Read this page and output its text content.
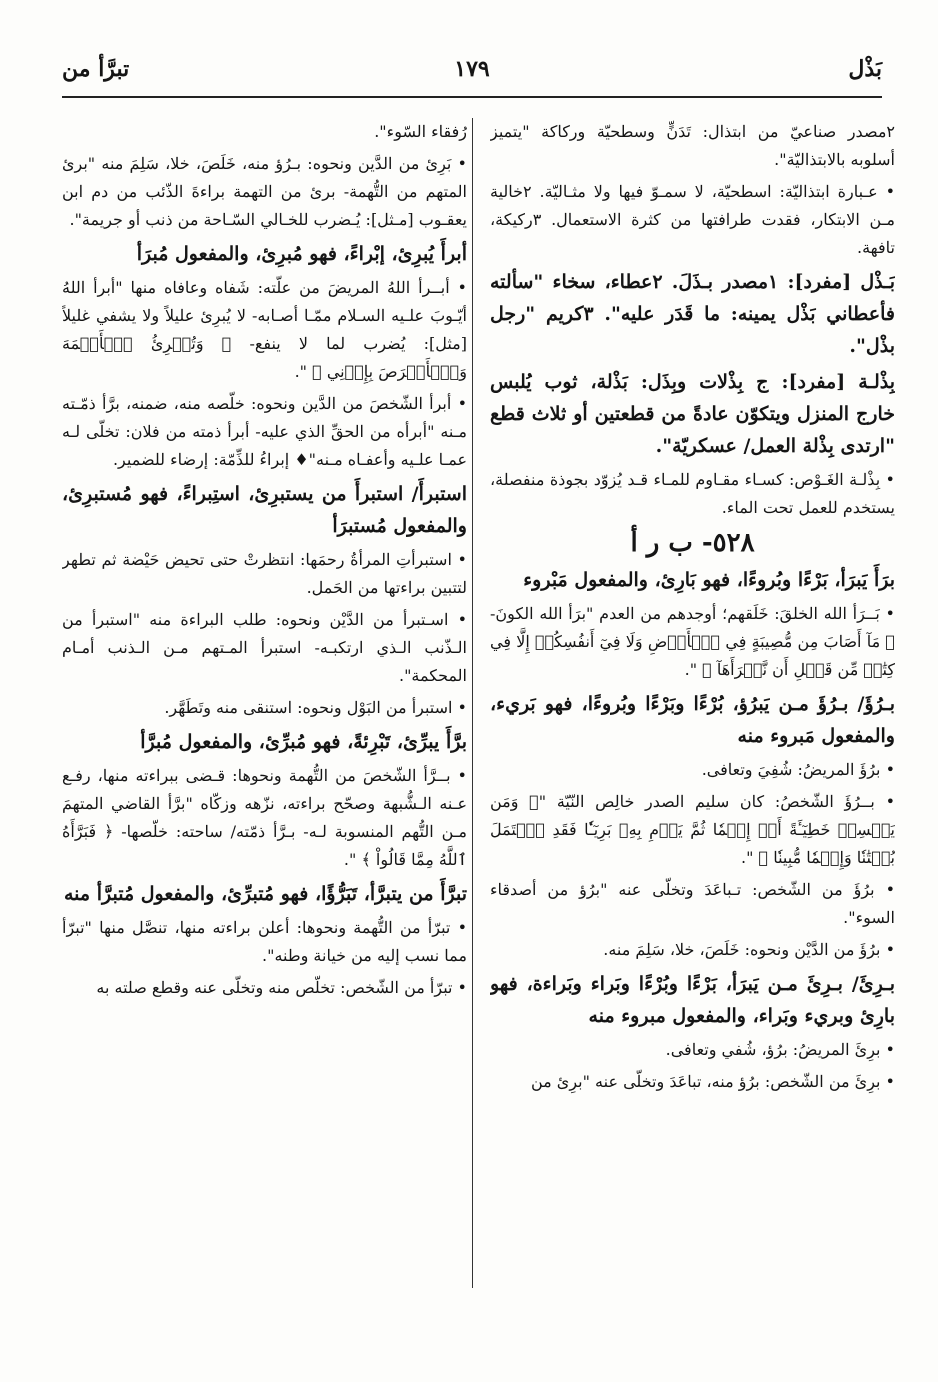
بَذْل
١٧٩
تبرَّأ من

٢مصدر صناعيّ من ابتذال: تَدَنٍّ وسطحيّة وركاكة "يتميز أسلوبه بالابتذاليّة".

• عـبارة ابتذاليّة: اسطحيّة، لا سمـوّ فيها ولا مثـاليّة. ٢خالية مـن الابتكار، فقدت طرافتها من كثرة الاستعمال. ٣ركيكة، تافهة.

بَـذْل [مفرد]: ١مصدر بـذَلَ. ٢عطاء، سخاء "سألته فأعطاني بَذْل يمينه: ما قَدَر عليه". ٣كريم "رجل بذْل".

بِذْلـة [مفرد]: ج بِذْلات وبِذَل: بَذْلة، ثوب يُلبس خارج المنزل ويتكوّن عادةً من قطعتين أو ثلاث قطع "ارتدى بِذْلة العمل/ عسكريّة".

• بِذْلـة الغَـوْص: كسـاء مقـاوم للمـاء قـد يُزوّد بجوذة منفصلة، يستخدم للعمل تحت الماء.

٥٢٨- ب ر أ

برَأَ يَبرَأ، بَرْءًا وبُروءًا، فهو بَارِئ، والمفعول مَبْروء

• بَــرَأ الله الخلقَ: خَلَقهم؛ أوجدهم من العدم "برَأ الله الكونَ- ﴿ مَآ أَصَابَ مِن مُّصِيبَةٍ فِي ٱلۡأَرۡضِ وَلَا فِيٓ أَنفُسِكُمۡ إِلَّا فِي كِتَٰبٖ مِّن قَبۡلِ أَن نَّبۡرَأَهَآ ﴾ ".

بـرُؤَ/ بـرُؤَ مـن يَبرُؤ، بُرْءًا وبَرْءًا وبُروءًا، فهو بَريء، والمفعول مَبروء منه

• برُؤَ المريضُ: شُفِيَ وتعافى.

• بــرُؤَ الشّخصُ: كان سليم الصدر خالِص النّيّة "﴿ وَمَن يَكۡسِبۡ خَطِيٓـَٔةً أَوۡ إِثۡمٗا ثُمَّ يَرۡمِ بِهِۦ بَرِيٓـٔٗا فَقَدِ ٱحۡتَمَلَ بُهۡتَٰنٗا وَإِثۡمٗا مُّبِينٗا ﴾ ".

• برُؤَ من الشّخص: تـباعَدَ وتخلّى عنه "برُؤ من أصدقاء السوء".

• برُؤَ من الدَّيْن ونحوه: خَلَصَ، خلا، سَلِمَ منه.

بـرِئَ/ بـرِئَ مـن يَبرَأ، بَرْءًا وبُرْءًا وبَراء وبَراءة، فهو بارِئ وبريء وبَراء، والمفعول مبروء منه

• برِئَ المريضُ: برُؤ، شُفي وتعافى.

• برِئَ من الشّخص: برُؤ منه، تباعَدَ وتخلّى عنه "برِئ من

رُفقاء السّوء".

• بَرِئ من الدَّين ونحوه: بـرُؤ منه، خَلَصَ، خلا، سَلِمَ منه "برئ المتهم من التُّهمة- برئ من التهمة براءةَ الذّئب من دم ابن يعقـوب [مـثل]: يُـضرب للخـالي السّـاحة من ذنب أو جريمة".

أبرأَ يُبرِئ، إبْراءً، فهو مُبرِئ، والمفعول مُبرَأ

• أبــرأ اللهُ المريضَ من علّته: شَفاه وعافاه منها "أبرأ اللهُ أيّـوبَ علـيه السـلام ممّـا أصـابه- لا يُبرِئ عليلاً ولا يشفي غليلاً [مثل]: يُضرب لما لا ينفع- ﴿ وَتُبۡرِئُ ٱلۡأَكۡمَهَ وَٱلۡأَبۡرَصَ بِإِذۡنِي ﴾ ".

• أبرأ الشّخصَ من الدَّين ونحوه: خلّصه منه، ضمنه، برَّأ ذمّـته مـنه "أبرأه من الحقِّ الذي عليه- أبرأ ذمته من فلان: تخلّى لـه عمـا علـيه وأعفـاه مـنه"♦ إبراءُ للذِّمّة: إرضاء للضمير.

استبرأَ/ استبرأَ من يستبرِئ، استِبراءً، فهو مُستبرِئ، والمفعول مُستبرَأ

• استبرأتِ المرأةُ رحمَها: انتظرتْ حتى تحيض حَيْضة ثم تطهر لتتبين براءتها من الحَمل.

• اسـتبرأ من الدَّيْن ونحوه: طلب البراءة منه "استبرأ من الـذّنب الـذي ارتكبـه- استبرأ المـتهم مـن الـذنب أمـام المحكمة".

• استبرأ من البَوْل ونحوه: استنقى منه وتَطَهَّر.

برَّأَ يبرِّئ، تَبْرِئةً، فهو مُبرِّئ، والمفعول مُبرَّأ

• بــرَّأ الشّخصَ من التُّهمة ونحوها: قـضى ببراءته منها، رفـع عـنه الـشُّبهة وصحّح براءته، نزّهه وزكّاه "برَّأ القاضي المتهمَ مـن التُّهم المنسوبة لـه- بـرَّأ ذمّته/ ساحته: خلّصها- ﴿ فَبَرَّأَهُ ٱللَّهُ مِمَّا قَالُواْ ﴾ ".

تبرَّأَ من يتبرَّأ، تَبَرُّؤًا، فهو مُتبرِّئ، والمفعول مُتبرَّأ منه

• تبرّأ من التُّهمة ونحوها: أعلن براءته منها، تنصَّل منها "تبرّأ مما نسب إليه من خيانة وطنه".

• تبرّأ من الشّخص: تخلّص منه وتخلّى عنه وقطع صلته به
